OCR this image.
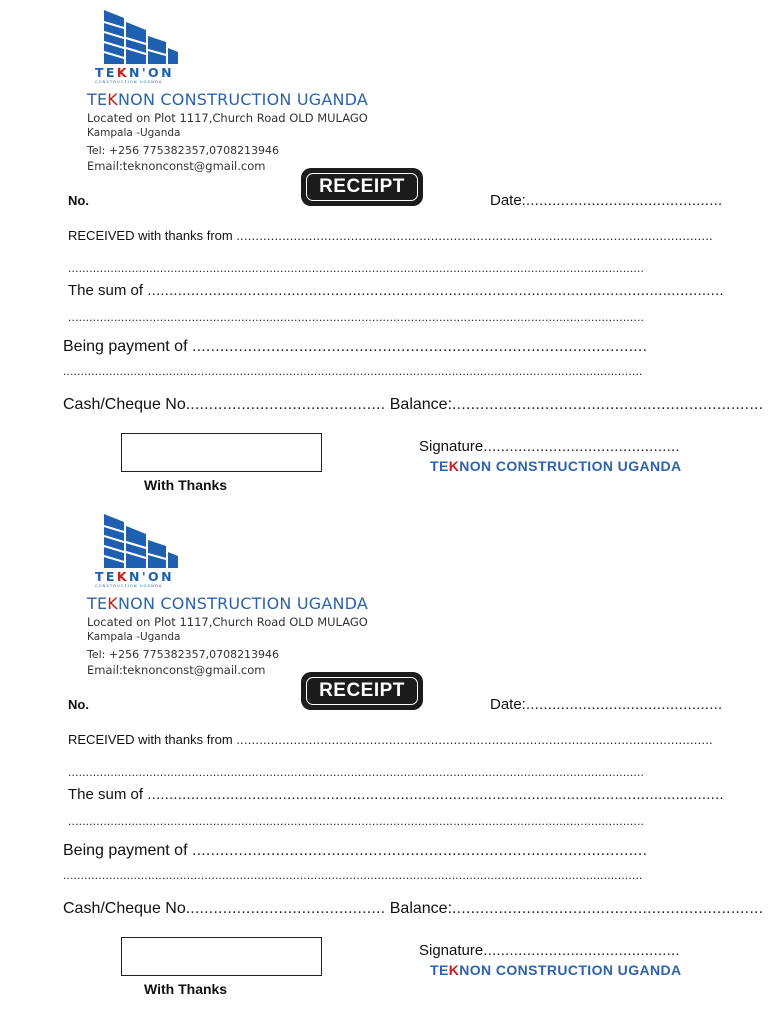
TEKN'ON
CONSTRUCTION UGANDA
TEKNON CONSTRUCTION UGANDA
Located on Plot 1117,Church Road OLD MULAGO
Kampala -Uganda
Tel: +256 775382357,0708213946
Email:teknonconst@gmail.com
RECEIPT
No.	Date:.............................................
RECEIVED with thanks from .............................................................................................................................
...................................................................................................................................................................
The sum of ....................................................................................................................................
...................................................................................................................................................................
Being payment of ..................................................................................................
....................................................................................................................................................................
Cash/Cheque No........................................... Balance:...................................................................
With Thanks
Signature.............................................
TEKNON CONSTRUCTION UGANDA
TEKN'ON
CONSTRUCTION UGANDA
TEKNON CONSTRUCTION UGANDA
Located on Plot 1117,Church Road OLD MULAGO
Kampala -Uganda
Tel: +256 775382357,0708213946
Email:teknonconst@gmail.com
RECEIPT
No.	Date:.............................................
RECEIVED with thanks from .............................................................................................................................
...................................................................................................................................................................
The sum of ....................................................................................................................................
...................................................................................................................................................................
Being payment of ..................................................................................................
....................................................................................................................................................................
Cash/Cheque No........................................... Balance:...................................................................
With Thanks
Signature.............................................
TEKNON CONSTRUCTION UGANDA
